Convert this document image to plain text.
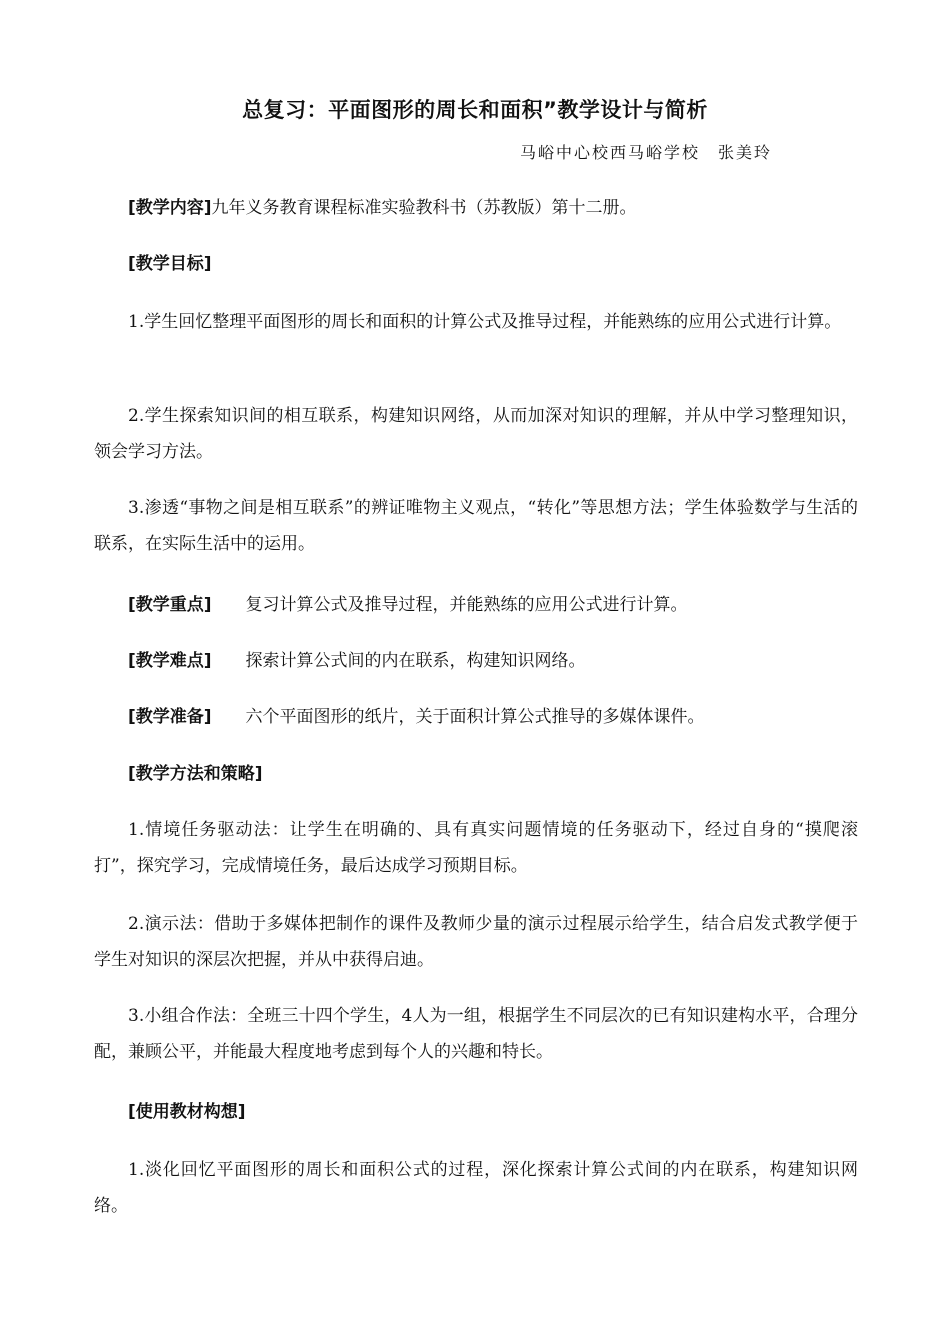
总复习：平面图形的周长和面积”教学设计与简析
马峪中心校西马峪学校　张美玲

[教学内容]九年义务教育课程标准实验教科书（苏教版）第十二册。

[教学目标]

1.学生回忆整理平面图形的周长和面积的计算公式及推导过程，并能熟练的应用公式进行计算。

2.学生探索知识间的相互联系，构建知识网络，从而加深对知识的理解，并从中学习整理知识，领会学习方法。

3.渗透“事物之间是相互联系”的辨证唯物主义观点，“转化”等思想方法；学生体验数学与生活的联系，在实际生活中的运用。

[教学重点] 复习计算公式及推导过程，并能熟练的应用公式进行计算。

[教学难点] 探索计算公式间的内在联系，构建知识网络。

[教学准备] 六个平面图形的纸片，关于面积计算公式推导的多媒体课件。

[教学方法和策略]

1.情境任务驱动法：让学生在明确的、具有真实问题情境的任务驱动下，经过自身的“摸爬滚打”，探究学习，完成情境任务，最后达成学习预期目标。

2.演示法：借助于多媒体把制作的课件及教师少量的演示过程展示给学生，结合启发式教学便于学生对知识的深层次把握，并从中获得启迪。

3.小组合作法：全班三十四个学生，4人为一组，根据学生不同层次的已有知识建构水平，合理分配，兼顾公平，并能最大程度地考虑到每个人的兴趣和特长。

[使用教材构想]

1.淡化回忆平面图形的周长和面积公式的过程，深化探索计算公式间的内在联系，构建知识网络。
